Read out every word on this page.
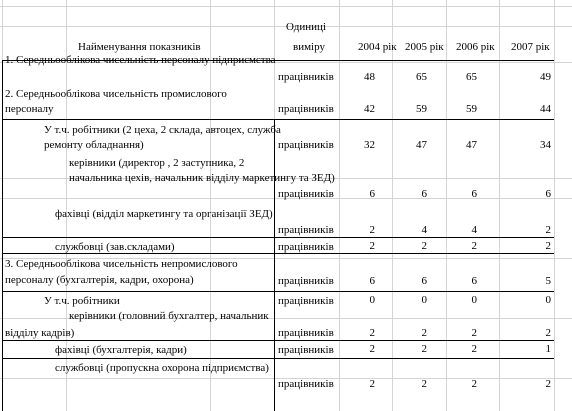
Найменування показників
Одиниці
виміру	2004 рік 2005 рік 2006 рік 2007 рік
1. Середньооблікова чисельність персоналу підприємства
працівників	48	65	65	49
2. Середньооблікова чисельність промислового
персоналу	працівників	42	59	59	44
У т.ч. робітники (2 цеха, 2 склада, автоцех, служба
ремонту обладнання)	працівників	32	47	47	34
керівники (директор , 2 заступника, 2
начальника цехів, начальник відділу маркетингу та ЗЕД)
працівників	6	6	6	6
фахівці (відділ маркетингу та організації ЗЕД)
працівників	2	4	4	2
службовці (зав.складами)	працівників	2	2	2	2
3. Середньооблікова чисельність непромислового
персоналу (бухгалтерія, кадри, охорона)	працівників	6	6	6	5
У т.ч. робітники	працівників	0	0	0	0
керівники (головний бухгалтер, начальник
відділу кадрів)	працівників	2	2	2	2
фахівці (бухгалтерія, кадри)	працівників	2	2	2	1
службовці (пропускна охорона підприємства)
працівників	2	2	2	2
